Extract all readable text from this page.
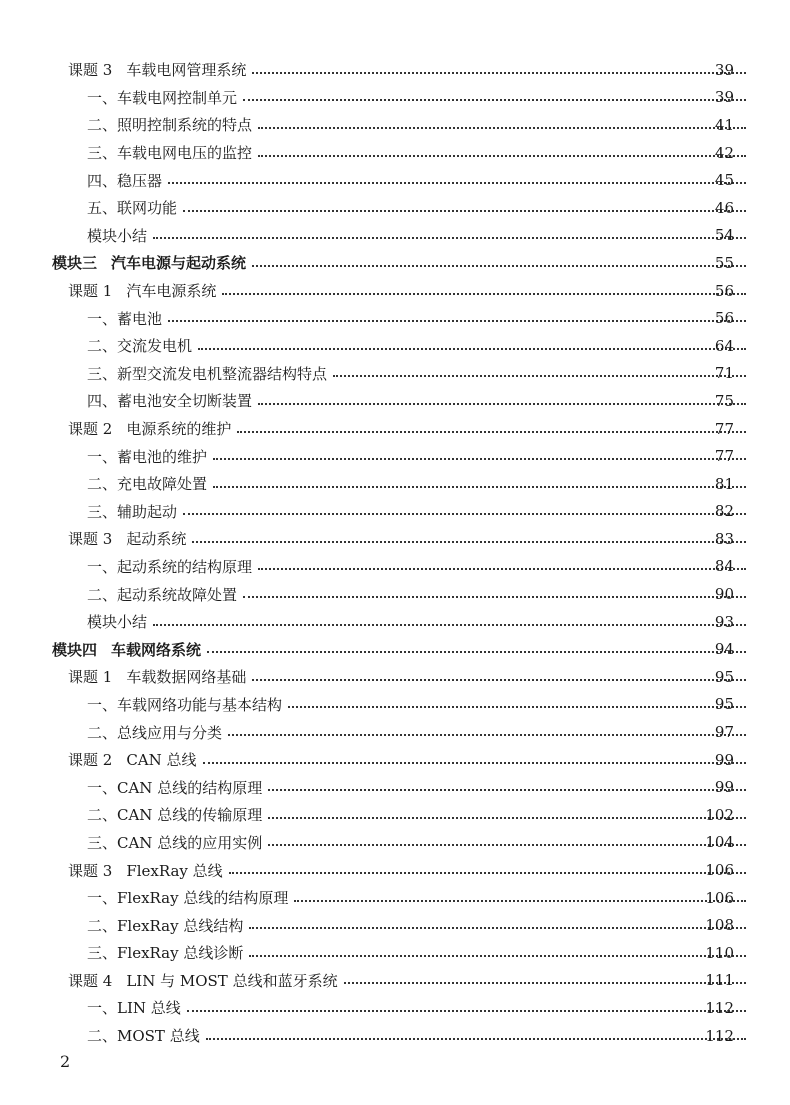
课题 3 车载电网管理系统	39
一、车载电网控制单元	39
二、照明控制系统的特点	41
三、车载电网电压的监控	42
四、稳压器	45
五、联网功能	46
模块小结	54
模块三 汽车电源与起动系统	55
课题 1 汽车电源系统	56
一、蓄电池	56
二、交流发电机	64
三、新型交流发电机整流器结构特点	71
四、蓄电池安全切断装置	75
课题 2 电源系统的维护	77
一、蓄电池的维护	77
二、充电故障处置	81
三、辅助起动	82
课题 3 起动系统	83
一、起动系统的结构原理	84
二、起动系统故障处置	90
模块小结	93
模块四 车载网络系统	94
课题 1 车载数据网络基础	95
一、车载网络功能与基本结构	95
二、总线应用与分类	97
课题 2 CAN 总线	99
一、CAN 总线的结构原理	99
二、CAN 总线的传输原理	102
三、CAN 总线的应用实例	104
课题 3 FlexRay 总线	106
一、FlexRay 总线的结构原理	106
二、FlexRay 总线结构	108
三、FlexRay 总线诊断	110
课题 4 LIN 与 MOST 总线和蓝牙系统	111
一、LIN 总线	112
二、MOST 总线	112
2
